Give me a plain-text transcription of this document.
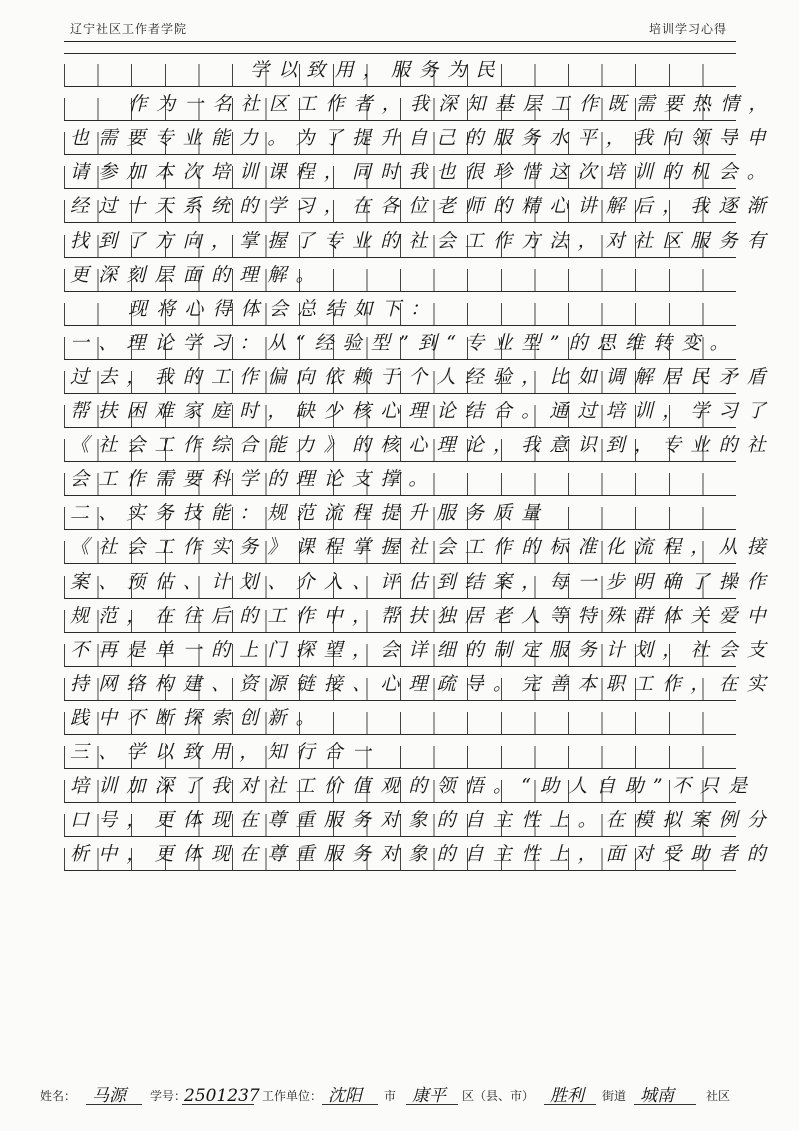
辽宁社区工作者学院	培训学习心得
学以致用，服务为民
作为一名社区工作者，我深知基层工作既需要热情，
也需要专业能力。为了提升自己的服务水平，我向领导申
请参加本次培训课程，同时我也很珍惜这次培训的机会。
经过十天系统的学习，在各位老师的精心讲解后，我逐渐
找到了方向，掌握了专业的社会工作方法，对社区服务有
更深刻层面的理解。
现将心得体会总结如下：
一、理论学习：从“经验型”到“专业型”的思维转变。
过去，我的工作偏向依赖于个人经验，比如调解居民矛盾
帮扶困难家庭时，缺少核心理论结合。通过培训，学习了
《社会工作综合能力》的核心理论，我意识到，专业的社
会工作需要科学的理论支撑。
二、实务技能：规范流程提升服务质量
《社会工作实务》课程掌握社会工作的标准化流程，从接
案、预估、计划、介入、评估到结案，每一步明确了操作
规范，在往后的工作中，帮扶独居老人等特殊群体关爱中
不再是单一的上门探望，会详细的制定服务计划，社会支
持网络构建、资源链接、心理疏导。完善本职工作，在实
践中不断探索创新。
三、学以致用，知行合一
培训加深了我对社工价值观的领悟。“助人自助”不只是
口号，更体现在尊重服务对象的自主性上。在模拟案例分
析中，更体现在尊重服务对象的自主性上，面对受助者的
姓名： 马源 学号：
2501237 工作单位： 沈阳 市 康平 区（县、市） 胜利 街道 城南	社区
